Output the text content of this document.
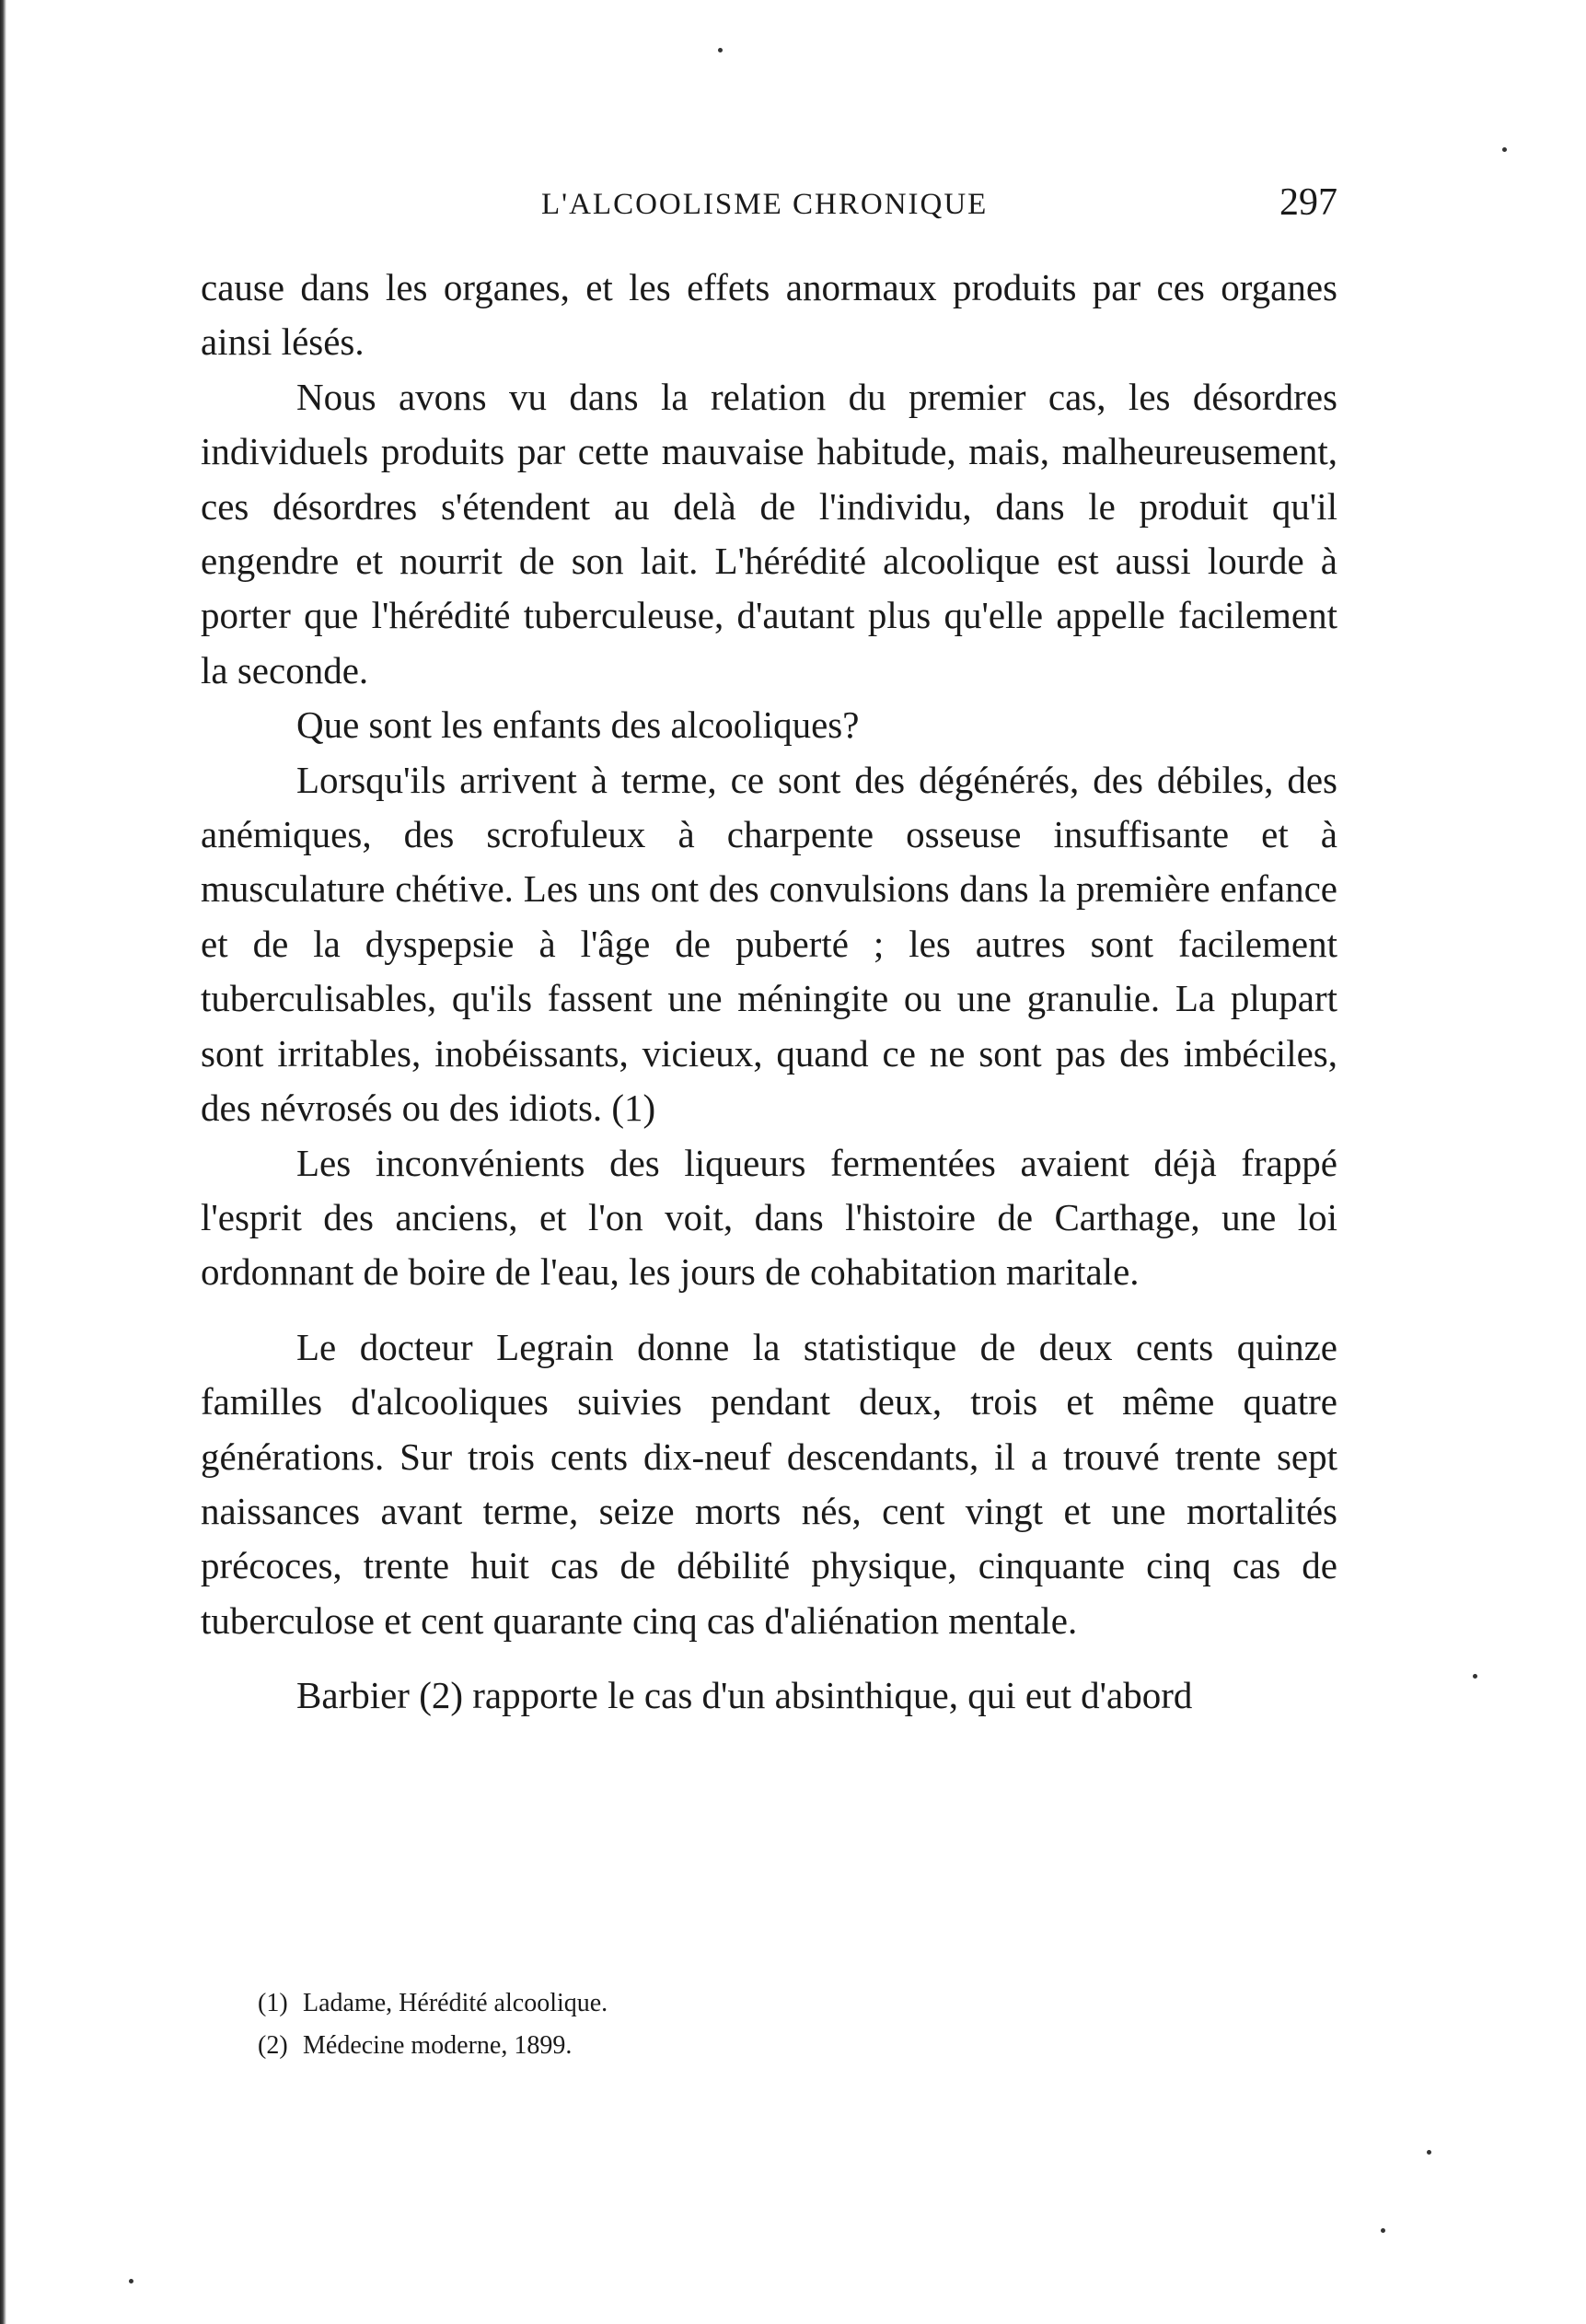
L'ALCOOLISME CHRONIQUE	297

cause dans les organes, et les effets anormaux produits par ces organes ainsi lésés.

Nous avons vu dans la relation du premier cas, les désordres individuels produits par cette mauvaise habitude, mais, malheureusement, ces désordres s'étendent au delà de l'individu, dans le produit qu'il engendre et nourrit de son lait. L'hérédité alcoolique est aussi lourde à porter que l'hérédité tuberculeuse, d'autant plus qu'elle appelle facilement la seconde.

Que sont les enfants des alcooliques?

Lorsqu'ils arrivent à terme, ce sont des dégénérés, des débiles, des anémiques, des scrofuleux à charpente osseuse insuffisante et à musculature chétive. Les uns ont des convulsions dans la première enfance et de la dyspepsie à l'âge de puberté ; les autres sont facilement tuberculisables, qu'ils fassent une méningite ou une granulie. La plupart sont irritables, inobéissants, vicieux, quand ce ne sont pas des imbéciles, des névrosés ou des idiots. (1)

Les inconvénients des liqueurs fermentées avaient déjà frappé l'esprit des anciens, et l'on voit, dans l'histoire de Carthage, une loi ordonnant de boire de l'eau, les jours de cohabitation maritale.

Le docteur Legrain donne la statistique de deux cents quinze familles d'alcooliques suivies pendant deux, trois et même quatre générations. Sur trois cents dix-neuf descendants, il a trouvé trente sept naissances avant terme, seize morts nés, cent vingt et une mortalités précoces, trente huit cas de débilité physique, cinquante cinq cas de tuberculose et cent quarante cinq cas d'aliénation mentale.

Barbier (2) rapporte le cas d'un absinthique, qui eut d'abord

(1) Ladame, Hérédité alcoolique.
(2) Médecine moderne, 1899.
